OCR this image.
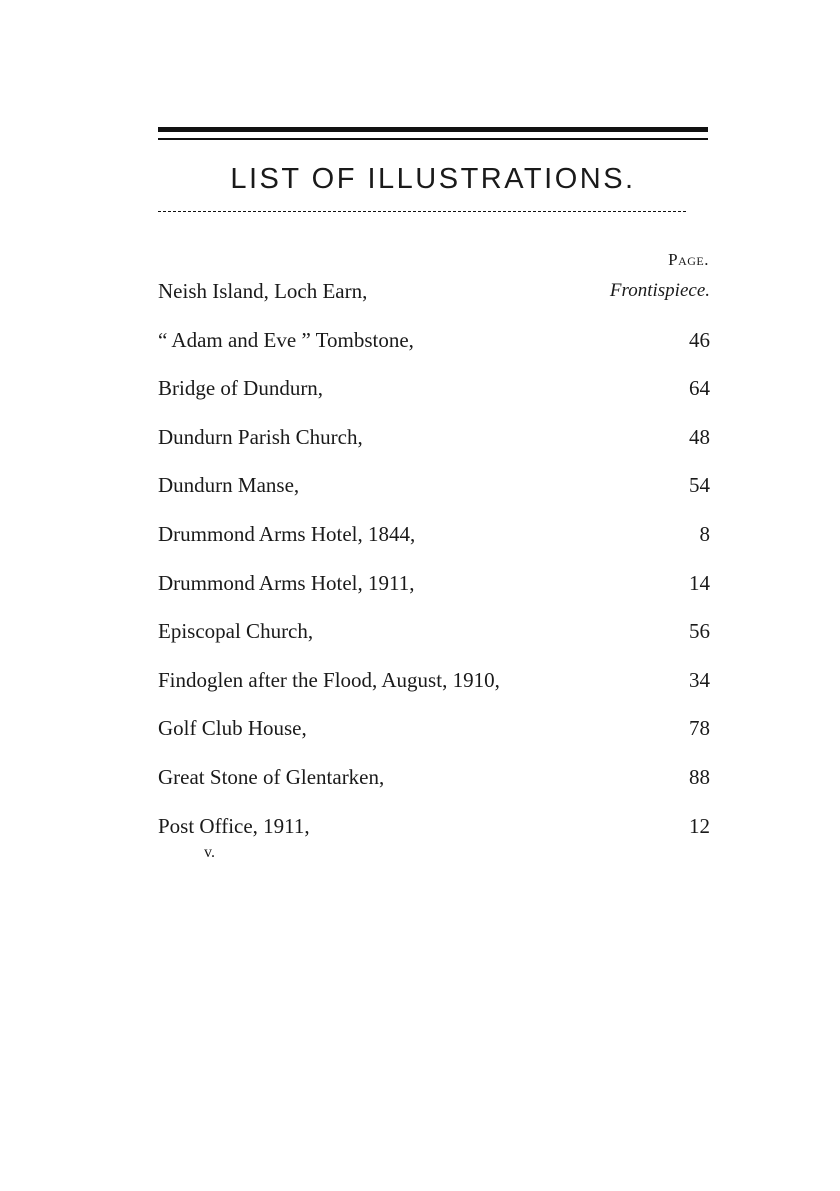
LIST OF ILLUSTRATIONS.
Page.
Neish Island, Loch Earn,	Frontispiece.
“ Adam and Eve ” Tombstone,	46
Bridge of Dundurn,	64
Dundurn Parish Church,	48
Dundurn Manse,	54
Drummond Arms Hotel, 1844,	8
Drummond Arms Hotel, 1911,	14
Episcopal Church,	56
Findoglen after the Flood, August, 1910,	34
Golf Club House,	78
Great Stone of Glentarken,	88
Post Office, 1911,	12
v.
